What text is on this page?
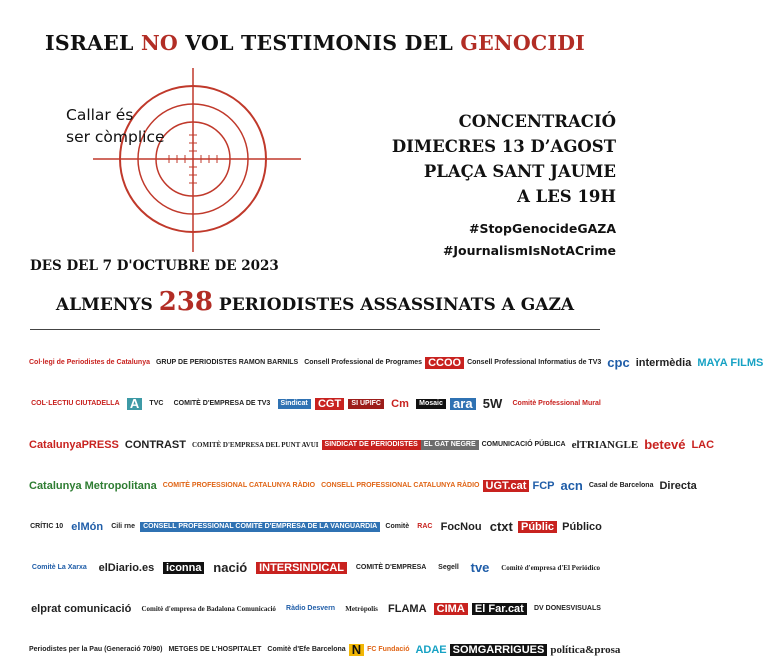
ISRAEL NO VOL TESTIMONIS DEL GENOCIDI
Callar és
ser còmplice
CONCENTRACIÓ
DIMECRES 13 D’AGOST
PLAÇA SANT JAUME
A LES 19H
#StopGenocideGAZA
#JournalismIsNotACrime
DES DEL 7 D'OCTUBRE DE 2023
ALMENYS 238 PERIODISTES ASSASSINATS A GAZA
Col·legi de Periodistes de Catalunya GRUP DE PERIODISTES RAMON BARNILS Consell Professional de Programes CCOO Consell Professional Informatius de TV3 cpc intermèdia MAYA FILMS
COL·LECTIU CIUTADELLA A	TVC	COMITÈ D'EMPRESA DE TV3	Sindicat CGT	SI UPIFC Cm	Mosaic ara 5W	Comitè Professional Mural
CatalunyaPRESS CONTRAST COMITÈ D'EMPRESA DEL PUNT AVUI SINDICAT DE PERIODISTES EL GAT NEGRE COMUNICACIÓ PÚBLICA elTRIANGLE betevé LAC
Catalunya Metropolitana COMITÈ PROFESSIONAL CATALUNYA RÀDIO CONSELL PROFESSIONAL CATALUNYA RÀDIO UGT.cat FCP acn Casal de Barcelona Directa
CRÍTIC 10 elMón	Cili rne	CONSELL PROFESSIONAL COMITÈ D'EMPRESA DE LA VANGUARDIA	Comitè	RAC FocNou ctxt Públic Público
Comitè La Xarxa elDiario.es iconna nació INTERSINDICAL	COMITÈ D'EMPRESA	Segell tve	Comitè d'empresa d'El Periódico
elprat comunicació	Comitè d'empresa de Badalona Comunicació	Ràdio Desvern	Metròpolis FLAMA CIMA El Far.cat	DV DONESVISUALS
Periodistes per la Pau (Generació 70/90) METGES DE L'HOSPITALET Comitè d'Efe Barcelona N FC Fundació ADAE SOMGARRIGUES política&prosa
